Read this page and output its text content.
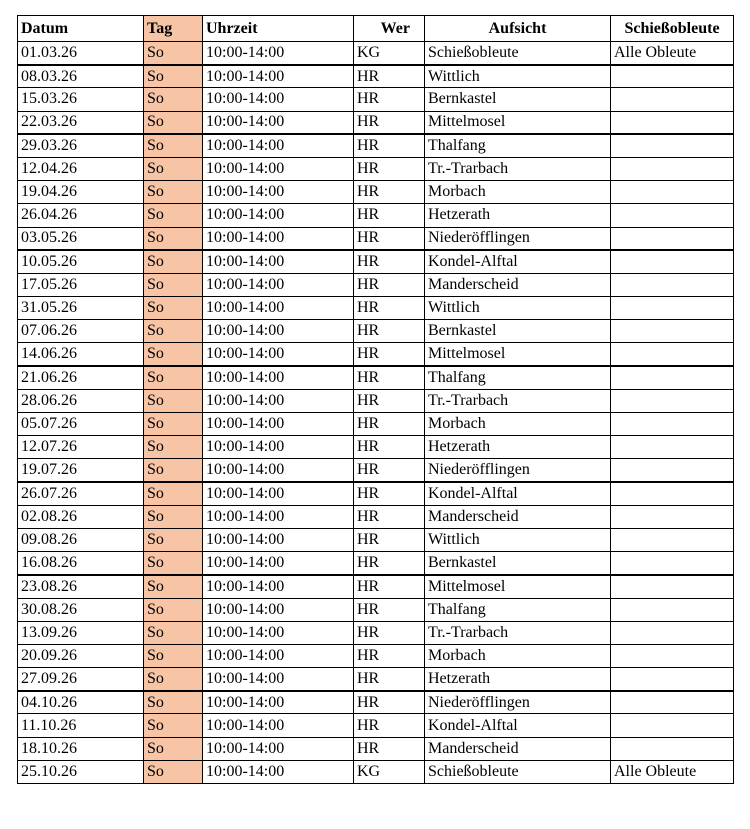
Datum	Tag	Uhrzeit	Wer	Aufsicht	Schießobleute
01.03.26	So	10:00-14:00	KG	Schießobleute	Alle Obleute
08.03.26	So	10:00-14:00	HR	Wittlich	
15.03.26	So	10:00-14:00	HR	Bernkastel	
22.03.26	So	10:00-14:00	HR	Mittelmosel	
29.03.26	So	10:00-14:00	HR	Thalfang	
12.04.26	So	10:00-14:00	HR	Tr.-Trarbach	
19.04.26	So	10:00-14:00	HR	Morbach	
26.04.26	So	10:00-14:00	HR	Hetzerath	
03.05.26	So	10:00-14:00	HR	Niederöfflingen	
10.05.26	So	10:00-14:00	HR	Kondel-Alftal	
17.05.26	So	10:00-14:00	HR	Manderscheid	
31.05.26	So	10:00-14:00	HR	Wittlich	
07.06.26	So	10:00-14:00	HR	Bernkastel	
14.06.26	So	10:00-14:00	HR	Mittelmosel	
21.06.26	So	10:00-14:00	HR	Thalfang	
28.06.26	So	10:00-14:00	HR	Tr.-Trarbach	
05.07.26	So	10:00-14:00	HR	Morbach	
12.07.26	So	10:00-14:00	HR	Hetzerath	
19.07.26	So	10:00-14:00	HR	Niederöfflingen	
26.07.26	So	10:00-14:00	HR	Kondel-Alftal	
02.08.26	So	10:00-14:00	HR	Manderscheid	
09.08.26	So	10:00-14:00	HR	Wittlich	
16.08.26	So	10:00-14:00	HR	Bernkastel	
23.08.26	So	10:00-14:00	HR	Mittelmosel	
30.08.26	So	10:00-14:00	HR	Thalfang	
13.09.26	So	10:00-14:00	HR	Tr.-Trarbach	
20.09.26	So	10:00-14:00	HR	Morbach	
27.09.26	So	10:00-14:00	HR	Hetzerath	
04.10.26	So	10:00-14:00	HR	Niederöfflingen	
11.10.26	So	10:00-14:00	HR	Kondel-Alftal	
18.10.26	So	10:00-14:00	HR	Manderscheid	
25.10.26	So	10:00-14:00	KG	Schießobleute	Alle Obleute
